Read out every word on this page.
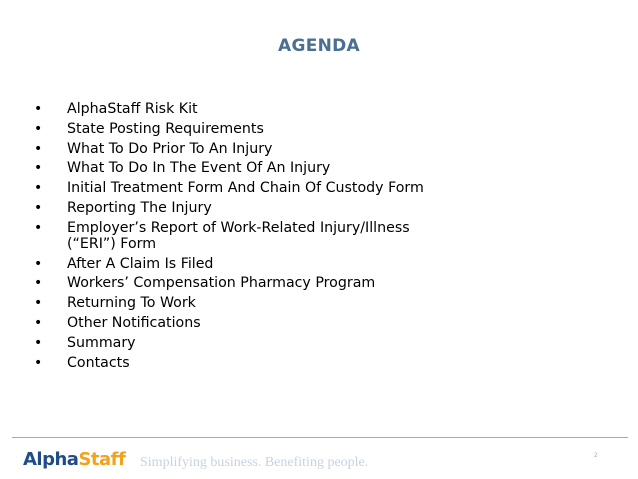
AGENDA
• AlphaStaff Risk Kit
• State Posting Requirements
• What To Do Prior To An Injury
• What To Do In The Event Of An Injury
• Initial Treatment Form And Chain Of Custody Form
• Reporting The Injury
• Employer’s Report of Work-Related Injury/Illness
(“ERI”) Form
• After A Claim Is Filed
• Workers’ Compensation Pharmacy Program
• Returning To Work
• Other Notifications
• Summary
• Contacts
AlphaStaff Simplifying business. Benefiting people.	2
